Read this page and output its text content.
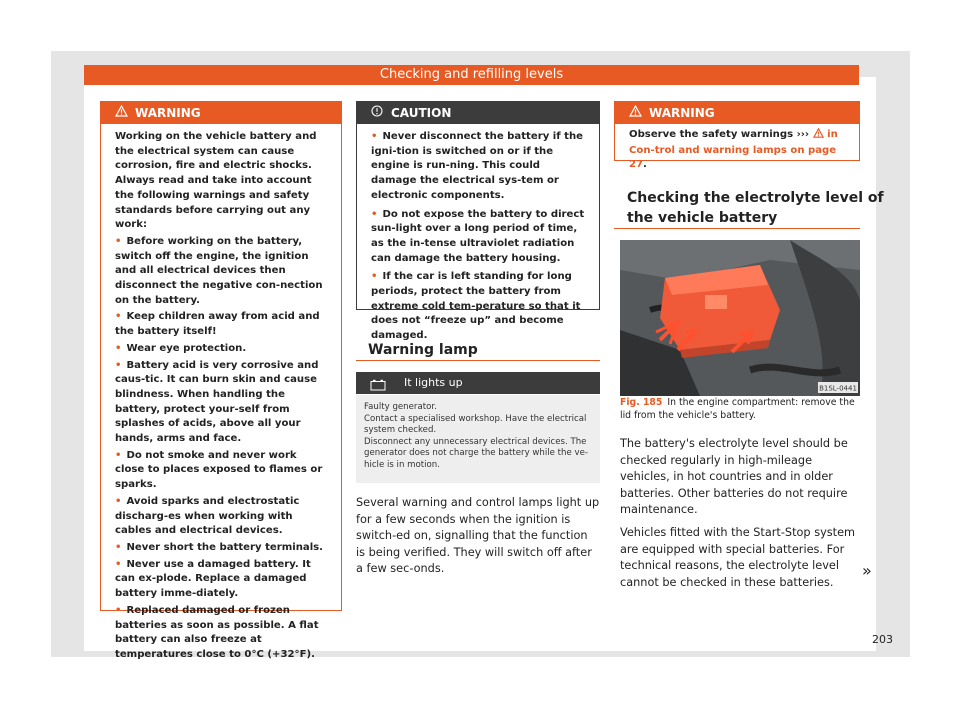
Checking and refilling levels
WARNING

Working on the vehicle battery and the electrical system can cause corrosion, fire and electric shocks. Always read and take into account the following warnings and safety standards before carrying out any work:

• Before working on the battery, switch off the engine, the ignition and all electrical devices then disconnect the negative con-nection on the battery.

• Keep children away from acid and the battery itself!

• Wear eye protection.

• Battery acid is very corrosive and caus-tic. It can burn skin and cause blindness. When handling the battery, protect your-self from splashes of acids, above all your hands, arms and face.

• Do not smoke and never work close to places exposed to flames or sparks.

• Avoid sparks and electrostatic discharg-es when working with cables and electrical devices.

• Never short the battery terminals.

• Never use a damaged battery. It can ex-plode. Replace a damaged battery imme-diately.

• Replaced damaged or frozen batteries as soon as possible. A flat battery can also freeze at temperatures close to 0°C (+32°F).

CAUTION

• Never disconnect the battery if the igni-tion is switched on or if the engine is run-ning. This could damage the electrical sys-tem or electronic components.

• Do not expose the battery to direct sun-light over a long period of time, as the in-tense ultraviolet radiation can damage the battery housing.

• If the car is left standing for long periods, protect the battery from extreme cold tem-perature so that it does not “freeze up” and become damaged.

Warning lamp
It lights up

Faulty generator.

Contact a specialised workshop. Have the electrical system checked.

Disconnect any unnecessary electrical devices. The generator does not charge the battery while the ve-hicle is in motion.

Several warning and control lamps light up for a few seconds when the ignition is switch-ed on, signalling that the function is being verified. They will switch off after a few sec-onds.

WARNING

Observe the safety warnings ››› in Con-trol and warning lamps on page 27.

Checking the electrolyte level of
the vehicle battery
B1SL-0441
Fig. 185 In the engine compartment: remove the lid from the vehicle's battery.

The battery's electrolyte level should be checked regularly in high-mileage vehicles, in hot countries and in older batteries. Other batteries do not require maintenance.

Vehicles fitted with the Start-Stop system are equipped with special batteries. For technical reasons, the electrolyte level cannot be checked in these batteries.

»
203
